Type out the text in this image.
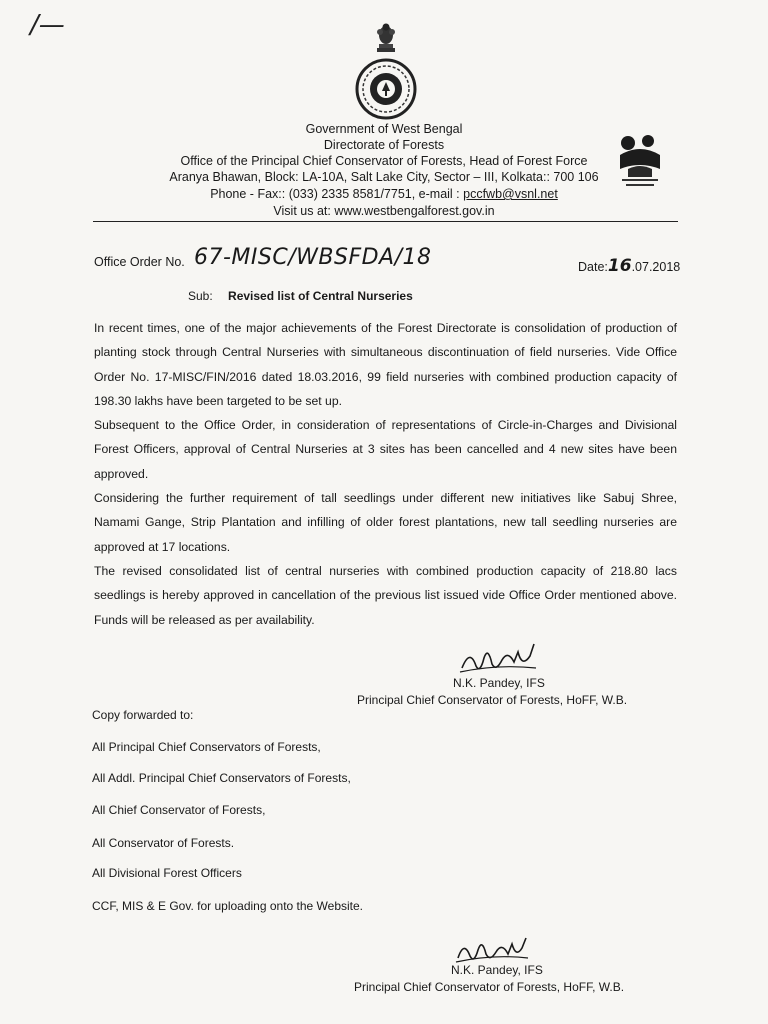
/—
Government of West Bengal
Directorate of Forests
Office of the Principal Chief Conservator of Forests, Head of Forest Force
Aranya Bhawan, Block: LA-10A, Salt Lake City, Sector – III, Kolkata:: 700 106
Phone - Fax:: (033) 2335 8581/7751, e-mail : pccfwb@vsnl.net
Visit us at: www.westbengalforest.gov.in
Office Order No. 67-MISC/WBSFDA/18	Date:16.07.2018
Sub: Revised list of Central Nurseries

In recent times, one of the major achievements of the Forest Directorate is consolidation of production of planting stock through Central Nurseries with simultaneous discontinuation of field nurseries. Vide Office Order No. 17-MISC/FIN/2016 dated 18.03.2016, 99 field nurseries with combined production capacity of 198.30 lakhs have been targeted to be set up.

Subsequent to the Office Order, in consideration of representations of Circle-in-Charges and Divisional Forest Officers, approval of Central Nurseries at 3 sites has been cancelled and 4 new sites have been approved.

Considering the further requirement of tall seedlings under different new initiatives like Sabuj Shree, Namami Gange, Strip Plantation and infilling of older forest plantations, new tall seedling nurseries are approved at 17 locations.

The revised consolidated list of central nurseries with combined production capacity of 218.80 lacs seedlings is hereby approved in cancellation of the previous list issued vide Office Order mentioned above. Funds will be released as per availability.

N.K. Pandey, IFS
Principal Chief Conservator of Forests, HoFF, W.B.
Copy forwarded to:
All Principal Chief Conservators of Forests,
All Addl. Principal Chief Conservators of Forests,
All Chief Conservator of Forests,
All Conservator of Forests.
All Divisional Forest Officers
CCF, MIS & E Gov. for uploading onto the Website.
N.K. Pandey, IFS
Principal Chief Conservator of Forests, HoFF, W.B.
